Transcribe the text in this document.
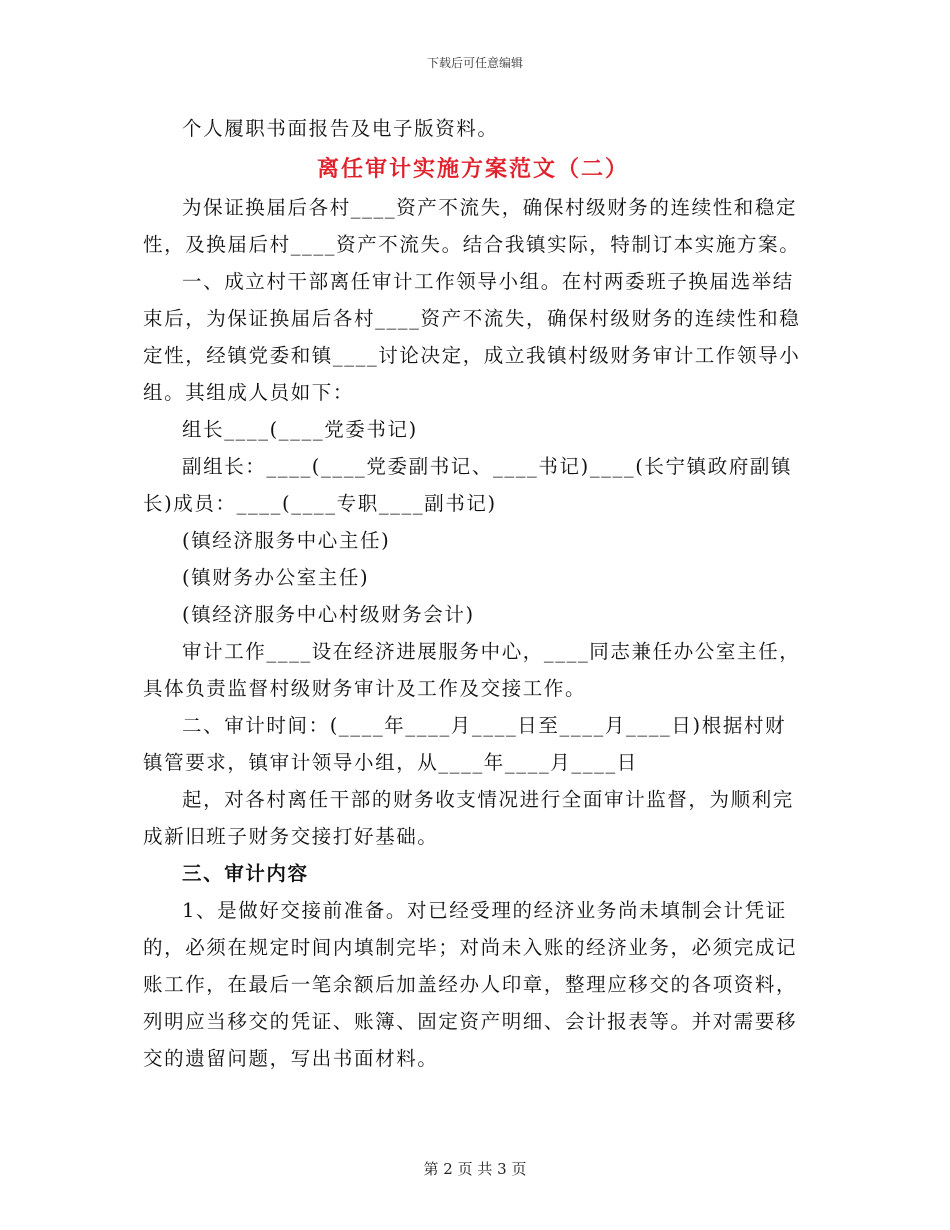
下载后可任意编辑

个人履职书面报告及电子版资料。

离任审计实施方案范文（二）

为保证换届后各村____资产不流失，确保村级财务的连续性和稳定性，及换届后村____资产不流失。结合我镇实际，特制订本实施方案。

一、成立村干部离任审计工作领导小组。在村两委班子换届选举结束后，为保证换届后各村____资产不流失，确保村级财务的连续性和稳定性，经镇党委和镇____讨论决定，成立我镇村级财务审计工作领导小组。其组成人员如下：

组长____(____党委书记)

副组长：____(____党委副书记、____书记)____(长宁镇政府副镇长)成员：____(____专职____副书记)

(镇经济服务中心主任)

(镇财务办公室主任)

(镇经济服务中心村级财务会计)

审计工作____设在经济进展服务中心，____同志兼任办公室主任，具体负责监督村级财务审计及工作及交接工作。

二、审计时间：(____年____月____日至____月____日)根据村财镇管要求，镇审计领导小组，从____年____月____日

起，对各村离任干部的财务收支情况进行全面审计监督，为顺利完成新旧班子财务交接打好基础。

三、审计内容

1、是做好交接前准备。对已经受理的经济业务尚未填制会计凭证的，必须在规定时间内填制完毕；对尚未入账的经济业务，必须完成记账工作，在最后一笔余额后加盖经办人印章，整理应移交的各项资料，列明应当移交的凭证、账簿、固定资产明细、会计报表等。并对需要移交的遗留问题，写出书面材料。

第 2 页 共 3 页
